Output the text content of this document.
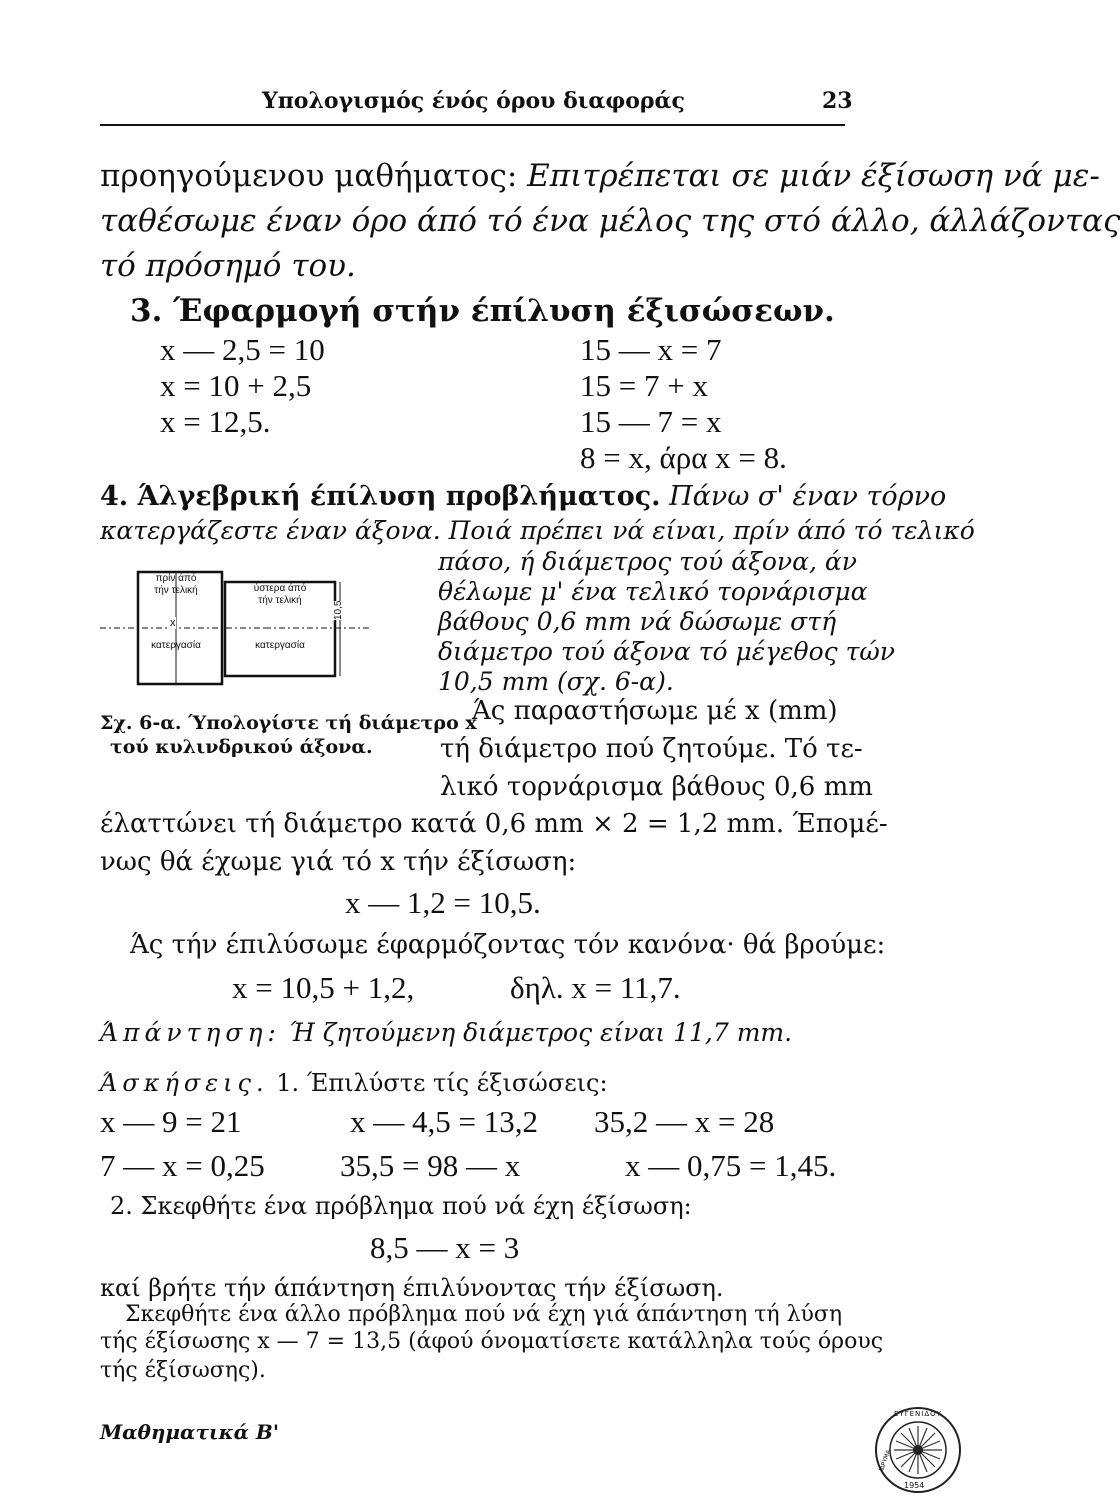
Υπολογισμός ένός όρου διαφοράς	23
προηγούμενου μαθήματος: Επιτρέπεται σε μιάν έξίσωση νά με-
ταθέσωμε έναν όρο άπό τό ένα μέλος της στό άλλο, άλλάζοντας
τό πρόσημό του.
3. Έφαρμογή στήν έπίλυση έξισώσεων.
x — 2,5 = 10
x = 10 + 2,5
x = 12,5.
15 — x = 7
15 = 7 + x
15 — 7 = x
8 = x, άρα x = 8.
4. Άλγεβρική έπίλυση προβλήματος. Πάνω σ' έναν τόρνο
κατεργάζεστε έναν άξονα. Ποιά πρέπει νά είναι, πρίν άπό τό τελικό
πάσο, ή διάμετρος τού άξονα, άν
θέλωμε μ' ένα τελικό τορνάρισμα
βάθους 0,6 mm νά δώσωμε στή
διάμετρο τού άξονα τό μέγεθος τών
10,5 mm (σχ. 6-α).
Άς παραστήσωμε μέ x (mm)
τή διάμετρο πού ζητούμε. Τό τε-
λικό τορνάρισμα βάθους 0,6 mm
πρίν άπό
τήν τελική
κατεργασία
x
ύστερα άπό
τήν τελική
κατεργασία
10,5
Σχ. 6-α. Ύπολογίστε τή διάμετρο x
τού κυλινδρικού άξονα.
έλαττώνει τή διάμετρο κατά 0,6 mm × 2 = 1,2 mm. Έπομέ-
νως θά έχωμε γιά τό x τήν έξίσωση:
x — 1,2 = 10,5.
Άς τήν έπιλύσωμε έφαρμόζοντας τόν κανόνα· θά βρούμε:
x = 10,5 + 1,2,	δηλ. x = 11,7.
Άπάντηση: Ή ζητούμενη διάμετρος είναι 11,7 mm.
Άσκήσεις. 1. Έπιλύστε τίς έξισώσεις:
x — 9 = 21	x — 4,5 = 13,2 35,2 — x = 28
7 — x = 0,25 35,5 = 98 — x	x — 0,75 = 1,45.
2. Σκεφθήτε ένα πρόβλημα πού νά έχη έξίσωση:
8,5 — x = 3
καί βρήτε τήν άπάντηση έπιλύνοντας τήν έξίσωση.
Σκεφθήτε ένα άλλο πρόβλημα πού νά έχη γιά άπάντηση τή λύση
τής έξίσωσης x — 7 = 13,5 (άφού όνοματίσετε κατάλληλα τούς όρους
τής έξίσωσης).
Μαθηματικά Β'
ΕΥΓΕΝΙΔΟΥ
ΙΔΡΥΜΑ
1954
